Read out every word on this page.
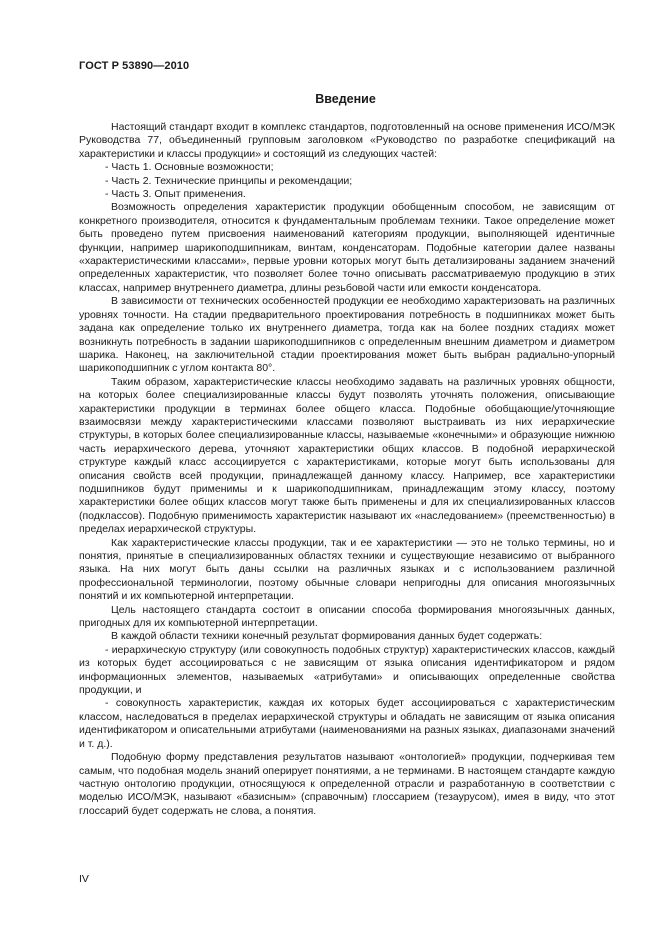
ГОСТ Р 53890—2010
Введение

Настоящий стандарт входит в комплекс стандартов, подготовленный на основе применения ИСО/МЭК Руководства 77, объединенный групповым заголовком «Руководство по разработке спецификаций на характеристики и классы продукции» и состоящий из следующих частей:

- Часть 1. Основные возможности;

- Часть 2. Технические принципы и рекомендации;

- Часть 3. Опыт применения.

Возможность определения характеристик продукции обобщенным способом, не зависящим от конкретного производителя, относится к фундаментальным проблемам техники. Такое определение может быть проведено путем присвоения наименований категориям продукции, выполняющей идентичные функции, например шарикоподшипникам, винтам, конденсаторам. Подобные категории далее названы «характеристическими классами», первые уровни которых могут быть детализированы заданием значений определенных характеристик, что позволяет более точно описывать рассматриваемую продукцию в этих классах, например внутреннего диаметра, длины резьбовой части или емкости конденсатора.

В зависимости от технических особенностей продукции ее необходимо характеризовать на различных уровнях точности. На стадии предварительного проектирования потребность в подшипниках может быть задана как определение только их внутреннего диаметра, тогда как на более поздних стадиях может возникнуть потребность в задании шарикоподшипников с определенным внешним диаметром и диаметром шарика. Наконец, на заключительной стадии проектирования может быть выбран радиально-упорный шарикоподшипник с углом контакта 80°.

Таким образом, характеристические классы необходимо задавать на различных уровнях общности, на которых более специализированные классы будут позволять уточнять положения, описывающие характеристики продукции в терминах более общего класса. Подобные обобщающие/уточняющие взаимосвязи между характеристическими классами позволяют выстраивать из них иерархические структуры, в которых более специализированные классы, называемые «конечными» и образующие нижнюю часть иерархического дерева, уточняют характеристики общих классов. В подобной иерархической структуре каждый класс ассоциируется с характеристиками, которые могут быть использованы для описания свойств всей продукции, принадлежащей данному классу. Например, все характеристики подшипников будут применимы и к шарикоподшипникам, принадлежащим этому классу, поэтому характеристики более общих классов могут также быть применены и для их специализированных классов (подклассов). Подобную применимость характеристик называют их «наследованием» (преемственностью) в пределах иерархической структуры.

Как характеристические классы продукции, так и ее характеристики — это не только термины, но и понятия, принятые в специализированных областях техники и существующие независимо от выбранного языка. На них могут быть даны ссылки на различных языках и с использованием различной профессиональной терминологии, поэтому обычные словари непригодны для описания многоязычных понятий и их компьютерной интерпретации.

Цель настоящего стандарта состоит в описании способа формирования многоязычных данных, пригодных для их компьютерной интерпретации.

В каждой области техники конечный результат формирования данных будет содержать:

- иерархическую структуру (или совокупность подобных структур) характеристических классов, каждый из которых будет ассоциироваться с не зависящим от языка описания идентификатором и рядом информационных элементов, называемых «атрибутами» и описывающих определенные свойства продукции, и

- совокупность характеристик, каждая их которых будет ассоциироваться с характеристическим классом, наследоваться в пределах иерархической структуры и обладать не зависящим от языка описания идентификатором и описательными атрибутами (наименованиями на разных языках, диапазонами значений и т. д.).

Подобную форму представления результатов называют «онтологией» продукции, подчеркивая тем самым, что подобная модель знаний оперирует понятиями, а не терминами. В настоящем стандарте каждую частную онтологию продукции, относящуюся к определенной отрасли и разработанную в соответствии с моделью ИСО/МЭК, называют «базисным» (справочным) глоссарием (тезаурусом), имея в виду, что этот глоссарий будет содержать не слова, а понятия.

IV
